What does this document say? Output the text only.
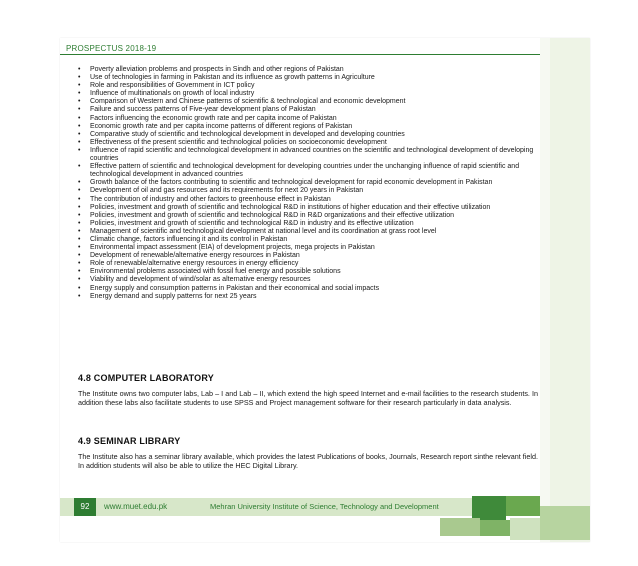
PROSPECTUS 2018-19
• Poverty alleviation problems and prospects in Sindh and other regions of Pakistan
• Use of technologies in farming in Pakistan and its influence as growth patterns in Agriculture
• Role and responsibilities of Government in ICT policy
• Influence of multinationals on growth of local industry
• Comparison of Western and Chinese patterns of scientific & technological and economic development
• Failure and success patterns of Five-year development plans of Pakistan
• Factors influencing the economic growth rate and per capita income of Pakistan
• Economic growth rate and per capita income patterns of different regions of Pakistan
• Comparative study of scientific and technological development in developed and developing countries
• Effectiveness of the present scientific and technological policies on socioeconomic development
• Influence of rapid scientific and technological development in advanced countries on the scientific and technological development of developing countries
• Effective pattern of scientific and technological development for developing countries under the unchanging influence of rapid scientific and technological development in advanced countries
• Growth balance of the factors contributing to scientific and technological development for rapid economic development in Pakistan
• Development of oil and gas resources and its requirements for next 20 years in Pakistan
• The contribution of industry and other factors to greenhouse effect in Pakistan
• Policies, investment and growth of scientific and technological R&D in institutions of higher education and their effective utilization
• Policies, investment and growth of scientific and technological R&D in R&D organizations and their effective utilization
• Policies, investment and growth of scientific and technological R&D in industry and its effective utilization
• Management of scientific and technological development at national level and its coordination at grass root level
• Climatic change, factors influencing it and its control in Pakistan
• Environmental impact assessment (EIA) of development projects, mega projects in Pakistan
• Development of renewable/alternative energy resources in Pakistan
• Role of renewable/alternative energy resources in energy efficiency
• Environmental problems associated with fossil fuel energy and possible solutions
• Viability and development of wind/solar as alternative energy resources
• Energy supply and consumption patterns in Pakistan and their economical and social impacts
• Energy demand and supply patterns for next 25 years
4.8 COMPUTER LABORATORY
The Institute owns two computer labs, Lab – I and Lab – II, which extend the high speed Internet and e-mail facilities to the research students. In addition these labs also facilitate students to use SPSS and Project management software for their research particularly in data analysis.
4.9 SEMINAR LIBRARY
The Institute also has a seminar library available, which provides the latest Publications of books, Journals, Research report sinthe relevant field. In addition students will also be able to utilize the HEC Digital Library.
92	www.muet.edu.pk	Mehran University Institute of Science, Technology and Development
